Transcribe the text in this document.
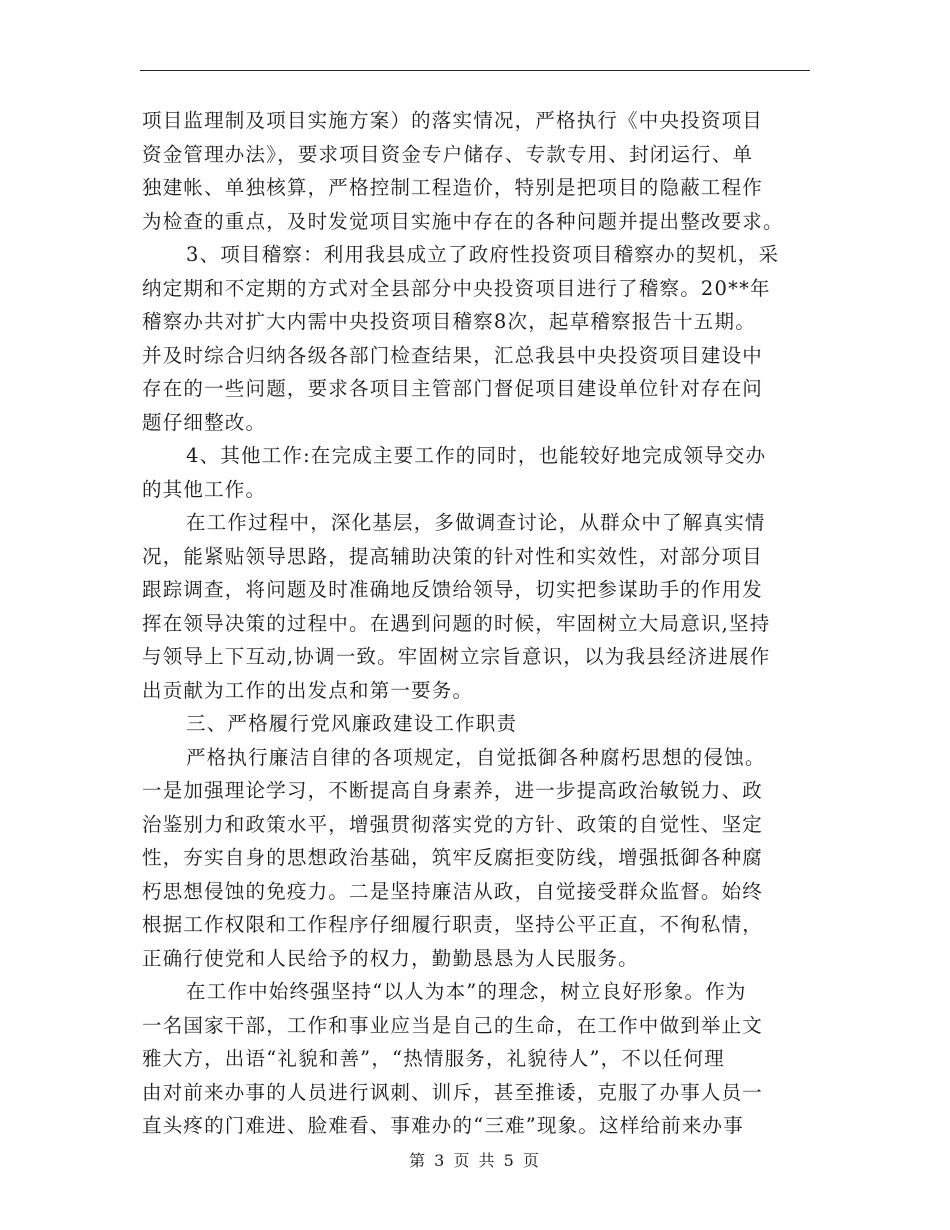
项目监理制及项目实施方案）的落实情况，严格执行《中央投资项目
资金管理办法》，要求项目资金专户储存、专款专用、封闭运行、单
独建帐、单独核算，严格控制工程造价，特别是把项目的隐蔽工程作
为检查的重点，及时发觉项目实施中存在的各种问题并提出整改要求。
3、项目稽察：利用我县成立了政府性投资项目稽察办的契机，采
纳定期和不定期的方式对全县部分中央投资项目进行了稽察。20**年
稽察办共对扩大内需中央投资项目稽察8次，起草稽察报告十五期。
并及时综合归纳各级各部门检查结果，汇总我县中央投资项目建设中
存在的一些问题，要求各项目主管部门督促项目建设单位针对存在问
题仔细整改。
4、其他工作:在完成主要工作的同时，也能较好地完成领导交办
的其他工作。
在工作过程中，深化基层，多做调查讨论，从群众中了解真实情
况，能紧贴领导思路，提高辅助决策的针对性和实效性，对部分项目
跟踪调查，将问题及时准确地反馈给领导，切实把参谋助手的作用发
挥在领导决策的过程中。在遇到问题的时候，牢固树立大局意识,坚持
与领导上下互动,协调一致。牢固树立宗旨意识，以为我县经济进展作
出贡献为工作的出发点和第一要务。
三、严格履行党风廉政建设工作职责
严格执行廉洁自律的各项规定，自觉抵御各种腐朽思想的侵蚀。
一是加强理论学习，不断提高自身素养，进一步提高政治敏锐力、政
治鉴别力和政策水平，增强贯彻落实党的方针、政策的自觉性、坚定
性，夯实自身的思想政治基础，筑牢反腐拒变防线，增强抵御各种腐
朽思想侵蚀的免疫力。二是坚持廉洁从政，自觉接受群众监督。始终
根据工作权限和工作程序仔细履行职责，坚持公平正直，不徇私情，
正确行使党和人民给予的权力，勤勤恳恳为人民服务。
在工作中始终强坚持“以人为本”的理念，树立良好形象。作为
一名国家干部，工作和事业应当是自己的生命，在工作中做到举止文
雅大方，出语“礼貌和善”，“热情服务，礼貌待人”，不以任何理
由对前来办事的人员进行讽刺、训斥，甚至推诿，克服了办事人员一
直头疼的门难进、脸难看、事难办的“三难”现象。这样给前来办事
第 3 页 共 5 页
